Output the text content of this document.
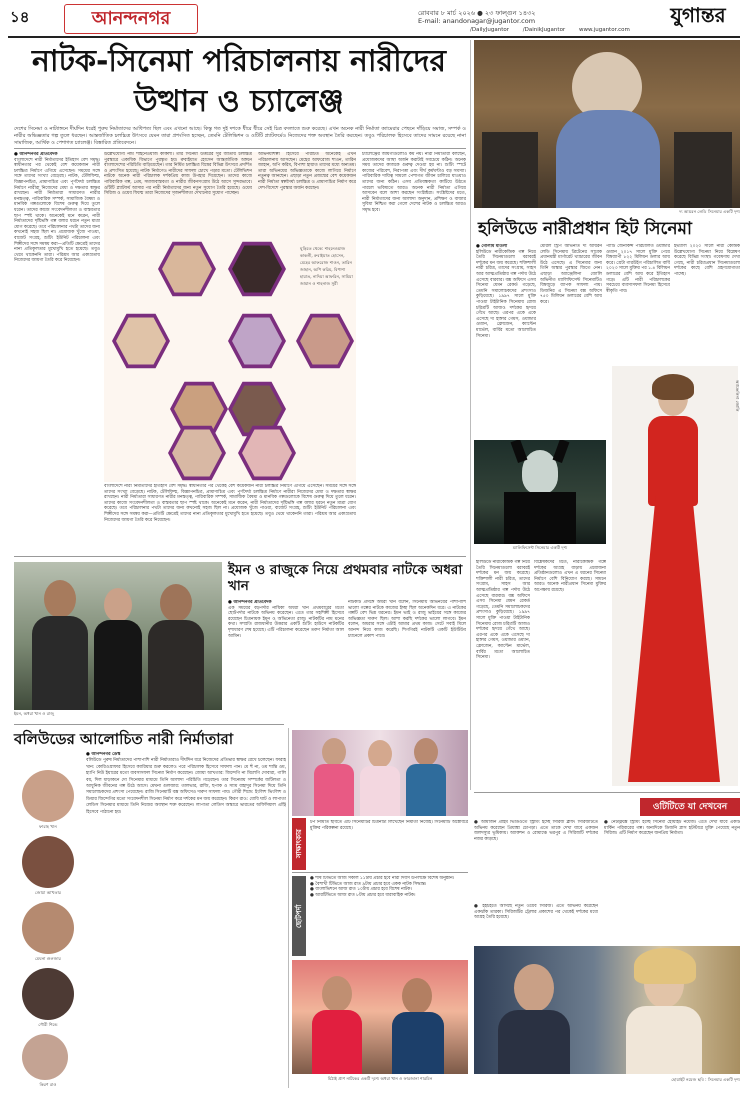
১৪	আনন্দনগর	রোববার ৮ মার্চ ২০২৬ ● ২৩ ফাল্গুন ১৪৩২
E-mail: anandonagar@jugantor.com	যুগান্তর
/DailyJugantor	/DainikJugantor	www.jugantor.com
নাটক-সিনেমা পরিচালনায় নারীদের
উত্থান ও চ্যালেঞ্জ
দেশের সিনেমা ও নাট্যাঙ্গনে দীর্ঘদিন ধরেই পুরুষ নির্মাতাদের আধিপত্য ছিল এবং এখনো আছে। কিন্তু গত দুই দশকে ধীরে ধীরে সেই চিত্র বদলাতে শুরু করেছে। এখন অনেক নারী নির্মাতা ক্যামেরার পেছনে দাঁড়িয়ে সমাজ, সম্পর্ক ও নারীর অভিজ্ঞতার গল্প তুলে ধরছেন। আন্তর্জাতিক চলচ্চিত্র উৎসবে যেমন তারা প্রশংসিত হচ্ছেন, তেমনি টেলিভিশন ও ওটিটি প্ল্যাটফর্মেও নিজেদের শক্ত অবস্থান তৈরি করছেন। তবুও পরিচালক হিসেবে তাদের সামনে রয়েছে নানা সামাজিক, আর্থিক ও পেশাগত চ্যালেঞ্জ। বিস্তারিত প্রতিবেদনে।
● আনন্দনগর প্রতিবেদক
বাংলাদেশে নারী নির্মাতাদের ইতিহাস বেশ সমৃদ্ধ। স্বাধীনতার পর থেকেই বেশ কয়েকজন নারী চলচ্চিত্র নির্মাণে এগিয়ে এসেছেন। সময়ের সঙ্গে সঙ্গে তাদের সংখ্যা বেড়েছে। নাটক, টেলিফিল্ম, বিজ্ঞাপনচিত্র, প্রামাণ্যচিত্র এবং পূর্ণদৈর্ঘ্য চলচ্চিত্র নির্মাণে নারীরা নিজেদের মেধা ও দক্ষতার স্বাক্ষর রাখছেন। নারী নির্মাতারা সাধারণত নারীর মনস্তত্ত্ব, পারিবারিক সম্পর্ক, সামাজিক বৈষম্য ও মানবিক গল্পগুলোকে বিশেষ গুরুত্ব দিয়ে তুলে ধরেন। তাদের কাজে সংবেদনশীলতা ও বাস্তবতার ছাপ স্পষ্ট থাকে। অনেকেই মনে করেন, নারী নির্মাতাদের দৃষ্টিভঙ্গি গল্প বলার ধরনে নতুন মাত্রা যোগ করেছে। তবে পরিচালনার পথটা তাদের জন্য কখনোই সহজ ছিল না। প্রযোজক খুঁজে পাওয়া, বাজেট সংগ্রহ, শুটিং ইউনিট পরিচালনা এবং শিল্পীদের সঙ্গে সমন্বয় করা—প্রতিটি ক্ষেত্রেই তাদের নানা প্রতিকূলতার মুখোমুখি হতে হয়েছে। তবুও থেমে থাকেননি তারা। পরিশ্রম আর একাগ্রতায় নিজেদের জায়গা তৈরি করে নিয়েছেন।
উল্লেখযোগ্য নাম শাহনেওয়াজ কাকলী। তার সিনেমা উত্তরের সুর জাতীয় চলচ্চিত্র পুরস্কারে একাধিক বিভাগে পুরস্কৃত হয়। রুবাইয়াত হোসেন আন্তর্জাতিক অঙ্গনে বাংলাদেশের পরিচিতি বাড়িয়েছেন। তার নির্মিত চলচ্চিত্র বিশ্বের বিভিন্ন উৎসবে প্রদর্শিত ও প্রশংসিত হয়েছে। নাটক নির্মাণেও নারীদের সাফল্য চোখে পড়ার মতো। টেলিভিশন নাটকে অনেক নারী পরিচালক দর্শকপ্রিয় কাজ উপহার দিয়েছেন। তাদের কাজে পারিবারিক গল্প, প্রেম, সমাজবাস্তবতা ও নারীর জীবনসংগ্রাম উঠে আসে সুন্দরভাবে। ওটিটি প্ল্যাটফর্ম আসার পর নারী নির্মাতাদের জন্য নতুন সুযোগ তৈরি হয়েছে। ওয়েব সিরিজ ও ওয়েব ফিল্মে তারা নিজেদের সৃজনশীলতা দেখানোর সুযোগ পাচ্ছেন।
অভিনয়শিল্পী হিসেবে পরিচিত অনেকেই এখন পরিচালনায় আসছেন। মেহের আফরোজ শাওন, তারিন জাহান, অপি করিম, বিপাশা হায়াত তাদের মধ্যে অন্যতম। তারা অভিনয়ের অভিজ্ঞতাকে কাজে লাগিয়ে নির্মাণে নতুনত্ব আনছেন। এছাড়া নতুন প্রজন্মের বেশ কয়েকজন নারী নির্মাতা স্বল্পদৈর্ঘ্য চলচ্চিত্র ও প্রামাণ্যচিত্র নির্মাণ করে দেশ-বিদেশে পুরস্কার অর্জন করছেন।
ঘুড়িতে থেকে: শাহনেওয়াজ কাকলী, রুবাইয়াত হোসেন, মেহের আফরোজ শাওন, তারিন জাহান, অপি করিম, বিপাশা হায়াত, নাদিয়া আফরিন, সামিয়া জামান ও শাহনাজ সুমী
চ্যালেঞ্জের জায়গাগুলোও কম নয়। নারী নির্মাতারা বলছেন, প্রযোজকদের আস্থা অর্জন করাটাই সবচেয়ে কঠিন। অনেক সময় তাদের কাজকে গুরুত্ব দেওয়া হয় না। শুটিং স্পটে কাজের পরিবেশ, নিরাপত্তা এবং দীর্ঘ কর্মঘণ্টাও বড় সমস্যা। পারিবারিক দায়িত্ব সামলে পেশাগত জীবন চালিয়ে যাওয়াও তাদের জন্য কঠিন। এসব প্রতিবন্ধকতা কাটিয়ে উঠতে পারলে ভবিষ্যতে আরও অনেক নারী নির্মাতা এগিয়ে আসবেন বলে আশা করছেন সংশ্লিষ্টরা। সংশ্লিষ্টদের মতে, নারী নির্মাতাদের জন্য আলাদা অনুদান, প্রশিক্ষণ ও বাজার সুবিধা নিশ্চিত করা গেলে দেশের নাটক ও চলচ্চিত্র আরও সমৃদ্ধ হবে।
বাংলাদেশে নারী নির্মাতাদের ইতিহাস বেশ সমৃদ্ধ। স্বাধীনতার পর থেকেই বেশ কয়েকজন নারী চলচ্চিত্র নির্মাণে এগিয়ে এসেছেন। সময়ের সঙ্গে সঙ্গে তাদের সংখ্যা বেড়েছে। নাটক, টেলিফিল্ম, বিজ্ঞাপনচিত্র, প্রামাণ্যচিত্র এবং পূর্ণদৈর্ঘ্য চলচ্চিত্র নির্মাণে নারীরা নিজেদের মেধা ও দক্ষতার স্বাক্ষর রাখছেন। নারী নির্মাতারা সাধারণত নারীর মনস্তত্ত্ব, পারিবারিক সম্পর্ক, সামাজিক বৈষম্য ও মানবিক গল্পগুলোকে বিশেষ গুরুত্ব দিয়ে তুলে ধরেন। তাদের কাজে সংবেদনশীলতা ও বাস্তবতার ছাপ স্পষ্ট থাকে। অনেকেই মনে করেন, নারী নির্মাতাদের দৃষ্টিভঙ্গি গল্প বলার ধরনে নতুন মাত্রা যোগ করেছে। তবে পরিচালনার পথটা তাদের জন্য কখনোই সহজ ছিল না। প্রযোজক খুঁজে পাওয়া, বাজেট সংগ্রহ, শুটিং ইউনিট পরিচালনা এবং শিল্পীদের সঙ্গে সমন্বয় করা—প্রতিটি ক্ষেত্রেই তাদের নানা প্রতিকূলতার মুখোমুখি হতে হয়েছে। তবুও থেমে থাকেননি তারা। পরিশ্রম আর একাগ্রতায় নিজেদের জায়গা তৈরি করে নিয়েছেন।
দ্য আয়রন লেডি সিনেমার একটি দৃশ্য
হলিউডে নারীপ্রধান হিট সিনেমা
● গোলাম মাওলা
হলিউডে নারীকেন্দ্রিক গল্প নিয়ে তৈরি সিনেমাগুলো বরাবরই দর্শকের মন জয় করেছে। শক্তিশালী নারী চরিত্র, তাদের সংগ্রাম, সাহস আর আত্মপ্রতিষ্ঠার গল্প পর্দায় উঠে এসেছে বারবার। বক্স অফিসে এসব সিনেমা যেমন রেকর্ড গড়েছে, তেমনি সমালোচকদের প্রশংসাও কুড়িয়েছে। ১৯৯৭ সালে মুক্তি পাওয়া টাইটানিক সিনেমায় রোজ চরিত্রটি আজও দর্শকের হৃদয়ে গেঁথে আছে। এরপর একে একে এসেছে দ্য হাঙ্গার গেমস, ওয়ান্ডার ওম্যান, ফ্রোজেন, ক্যাপ্টেন মার্ভেল, বার্বির মতো আলোচিত সিনেমা।
মেরিল স্ট্রিপ অভিনীত দ্য আয়রন লেডি সিনেমায় ব্রিটেনের সাবেক প্রধানমন্ত্রী মার্গারেট থ্যাচারের জীবন উঠে এসেছে। এ সিনেমার জন্য তিনি অস্কার পুরস্কার জিতে নেন। এছাড়া অ্যাঞ্জেলিনা জোলি অভিনীত ম্যালিফিসেন্ট সিনেমাটিও বিশ্বজুড়ে ব্যাপক সাফল্য পায়। ডিজনির এ সিনেমা বক্স অফিসে ৭৫০ মিলিয়ন ডলারের বেশি আয় করে।
প্যাটি জেনকিন্স পরিচালিত ওয়ান্ডার ওম্যান ২০১৭ সালে মুক্তি পেয়ে বিশ্বব্যাপী ৮২২ মিলিয়ন ডলার আয় করে। গ্রেটা গারউইগ পরিচালিত বার্বি ২০২৩ সালে মুক্তির পর ১.৪ বিলিয়ন ডলারের বেশি আয় করে ইতিহাস গড়ে। এটি নারী পরিচালকের সবচেয়ে ব্যবসাসফল সিনেমা হিসেবে স্বীকৃতি পায়।
ইভ্যালি ২০২০ সালে নারী কেন্দ্রিক উল্লেখযোগ্য সিনেমা নিয়ে বিশ্লেষণ করেছে বিভিন্ন সংস্থা। গবেষণায় দেখা গেছে, নারী চরিত্রপ্রধান সিনেমাগুলো দর্শকের কাছে বেশি গ্রহণযোগ্যতা পাচ্ছে।
ম্যালিফিসেন্ট সিনেমার একটি দৃশ্য
অ্যাঞ্জেলিনা জোলি
বিশ্লেষকদের মতে, নারীকেন্দ্রিক গল্পে দর্শকের আগ্রহ বাড়ায় প্রযোজনা প্রতিষ্ঠানগুলোও এখন এ ধরনের সিনেমা নির্মাণে বেশি বিনিয়োগ করছে। সামনে আরও অনেক নারীপ্রধান সিনেমা মুক্তির অপেক্ষায় রয়েছে।
হলিউডে নারীকেন্দ্রিক গল্প নিয়ে তৈরি সিনেমাগুলো বরাবরই দর্শকের মন জয় করেছে। শক্তিশালী নারী চরিত্র, তাদের সংগ্রাম, সাহস আর আত্মপ্রতিষ্ঠার গল্প পর্দায় উঠে এসেছে বারবার। বক্স অফিসে এসব সিনেমা যেমন রেকর্ড গড়েছে, তেমনি সমালোচকদের প্রশংসাও কুড়িয়েছে। ১৯৯৭ সালে মুক্তি পাওয়া টাইটানিক সিনেমায় রোজ চরিত্রটি আজও দর্শকের হৃদয়ে গেঁথে আছে। এরপর একে একে এসেছে দ্য হাঙ্গার গেমস, ওয়ান্ডার ওম্যান, ফ্রোজেন, ক্যাপ্টেন মার্ভেল, বার্বির মতো আলোচিত সিনেমা।
ইমন ও রাজুকে নিয়ে প্রথমবার নাটকে অধরা খান
ইমন, অধরা খান ও রাজু
● আনন্দনগর প্রতিবেদক
এক সময়ের বড়পর্দার নায়িকা অধরা খান প্রথমবারের মতো ছোটপর্দার নাটকে অভিনয় করেছেন। এতে তার সহশিল্পী হিসেবে রয়েছেন চিত্রনায়ক ইমন ও অভিনেতা রাজু। নাটকটির নাম মনের কথা। সম্প্রতি রাজধানীর উত্তরার একটি শুটিং হাউসে নাটকটির দৃশ্যধারণ শেষ হয়েছে। এটি পরিচালনা করেছেন তরুণ নির্মাতা আল আমিন।
নাটকটি প্রসঙ্গে অধরা খান বলেন, সিনেমায় অভিনয়ের পাশাপাশি ভালো গল্পের নাটকে কাজের ইচ্ছা ছিল অনেকদিন ধরে। এ নাটকের গল্পটি বেশ ভিন্ন ধরনের। ইমন ভাই ও রাজু ভাইয়ের সঙ্গে কাজের অভিজ্ঞতা দারুণ ছিল। আশা করছি দর্শকের ভালো লাগবে। ইমন বলেন, অধরার সঙ্গে এটাই আমার প্রথম কাজ। সেটে সবাই মিলে আনন্দ নিয়ে কাজ করেছি। শিগগিরই নাটকটি একটি ইউটিউব চ্যানেলে প্রকাশ পাবে।
বলিউডের আলোচিত নারী নির্মাতারা
ফারাহ খান
জোয়া আখতার
মেঘনা গুলজার
গৌরী শিন্ডে
কিরণ রাও
● আনন্দনগর ডেস্ক
বলিউডে পুরুষ নির্মাতাদের পাশাপাশি নারী নির্মাতারাও দীর্ঘদিন ধরে নিজেদের প্রতিভার স্বাক্ষর রেখে চলেছেন। ফারাহ খান: কোরিওগ্রাফার হিসেবে ক্যারিয়ার শুরু করলেও পরে পরিচালক হিসেবে সাফল্য পান। মে হুঁ না, ওম শান্তি ওম, হ্যাপি নিউ ইয়ারের মতো ব্যবসাসফল সিনেমা নির্মাণ করেছেন। জোয়া আখতার: জিন্দেগি না মিলেগি দোবারা, গালি বয়, দিল ধাড়াকনে দো সিনেমার মাধ্যমে তিনি আলাদা পরিচিতি গড়েছেন। তার সিনেমায় সম্পর্কের জটিলতা ও আধুনিক জীবনের গল্প উঠে আসে। মেঘনা গুলজার: তালভার, রাজি, ছপাক ও স্যাম বাহাদুর সিনেমা দিয়ে তিনি সমালোচকদের প্রশংসা পেয়েছেন। রাজি সিনেমাটি বক্স অফিসেও দারুণ সাফল্য পায়। গৌরী শিন্ডে: ইংলিশ ভিংলিশ ও ডিয়ার জিন্দেগির মতো সংবেদনশীল সিনেমা নির্মাণ করে দর্শকের মন জয় করেছেন। কিরণ রাও: ধোবি ঘাট ও লাপাতা লেডিস সিনেমার মাধ্যমে তিনি নিজের অবস্থান শক্ত করেছেন। লাপাতা লেডিস অস্কারে ভারতের অফিসিয়াল এন্ট্রি হিসেবে পাঠানো হয়।
সাক্ষাৎকার
টপ নির্মিতি ছবিতে এটি সিনেমাটির চিত্রনাট্য লিখেছেন নির্মাতা নিজেই। সিনেমাটি অক্টোবরে মুক্তির পরিকল্পনা রয়েছে।
ছোটপর্দা
● শীর্ষ টিভিতে আজ সকাল ১১টায় প্রচার হবে নারী দিবস উপলক্ষে বিশেষ অনুষ্ঠান।
● বৈশাখী টিভিতে আজ রাত ৯টায় প্রচার হবে একক নাটক সিদ্ধান্ত।
● বাংলাভিশনে আজ রাত ১০টায় প্রচার হবে বিশেষ নাটক।
● আরটিভিতে আজ রাত ৮টায় প্রচার হবে ধারাবাহিক নাটক।
মিঠাই প্রাণ নাটকের একটি দৃশ্যে অধরা খান ও ফারজানা শারমিন
ওটিটিতে যা দেখবেন
● আমাজন প্রাইম ভিডিওতে স্ট্রিমিং হচ্ছে সিরিজ ব্লাফ। সিরিজটিতে অভিনয় করেছেন প্রিয়াঙ্কা চোপড়া। এতে তাকে দেখা যাবে একজন জলদস্যুর ভূমিকায়। অ্যাকশন ও রোমাঞ্চে ভরপুর এ সিরিজটি দর্শকের নজর কাড়ছে।
● নেটফ্লিক্সে স্ট্রিমিং হচ্ছে সিনেমা হোয়াইট নয়েজ। এতে দেখা যাবে একটি মার্কিন পরিবারের গল্প। অন্যদিকে ডিজনি প্লাস হটস্টারে মুক্তি পেয়েছে নতুন সিরিজ। এটি নির্মাণ করেছেন জনপ্রিয় নির্মাতা।
● হইচইতে আসছে নতুন ওয়েব সিরিজ। এতে অভিনয় করেছেন একঝাঁক তারকা। সিরিজটির ট্রেলার প্রকাশের পর থেকেই দর্শকের মধ্যে আগ্রহ তৈরি হয়েছে।
হোয়াইট নয়েজ ছবি : সিনেমার একটি দৃশ্য
